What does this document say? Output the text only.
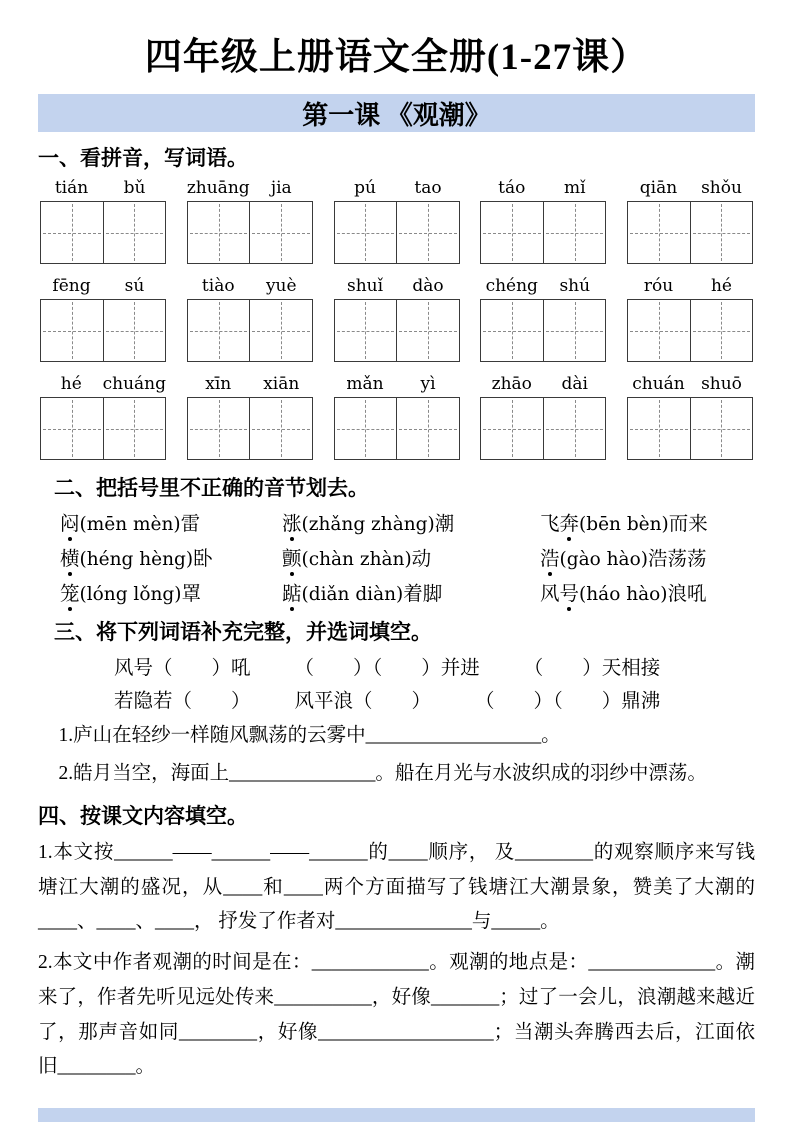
四年级上册语文全册(1-27课）
第一课 《观潮》
一、看拼音，写词语。
tián	bǔ	zhuāng	jia	pú	tao	táo	mǐ	qiān	shǒu
fēng	sú	tiào	yuè	shuǐ	dào	chéng	shú	róu	hé
hé	chuáng	xīn	xiān	mǎn	yì	zhāo	dài	chuán shuō
二、把括号里不正确的音节划去。
闷(mēn mèn)雷	涨(zhǎng zhàng)潮	飞奔(bēn bèn)而来
横(héng hèng)卧	颤(chàn zhàn)动	浩(gào hào)浩荡荡
笼(lóng lǒng)罩	踮(diǎn diàn)着脚	风号(háo hào)浪吼
三、将下列词语补充完整，并选词填空。
风号（　　）吼 （　　）（　　）并进 （　　）天相接
若隐若（　　） 风平浪（　　） （　　）（　　）鼎沸

1.庐山在轻纱一样随风飘荡的云雾中__________________。

2.皓月当空，海面上_______________。船在月光与水波织成的羽纱中漂荡。

四、按课文内容填空。

1.本文按______——______——______的____顺序， 及________的观察顺序来写钱塘江大潮的盛况，从____和____两个方面描写了钱塘江大潮景象，赞美了大潮的____、____、____， 抒发了作者对______________与_____。

2.本文中作者观潮的时间是在：____________。观潮的地点是：_____________。潮来了，作者先听见远处传来__________，好像_______；过了一会儿，浪潮越来越近了，那声音如同________，好像__________________；当潮头奔腾西去后，江面依旧________。
